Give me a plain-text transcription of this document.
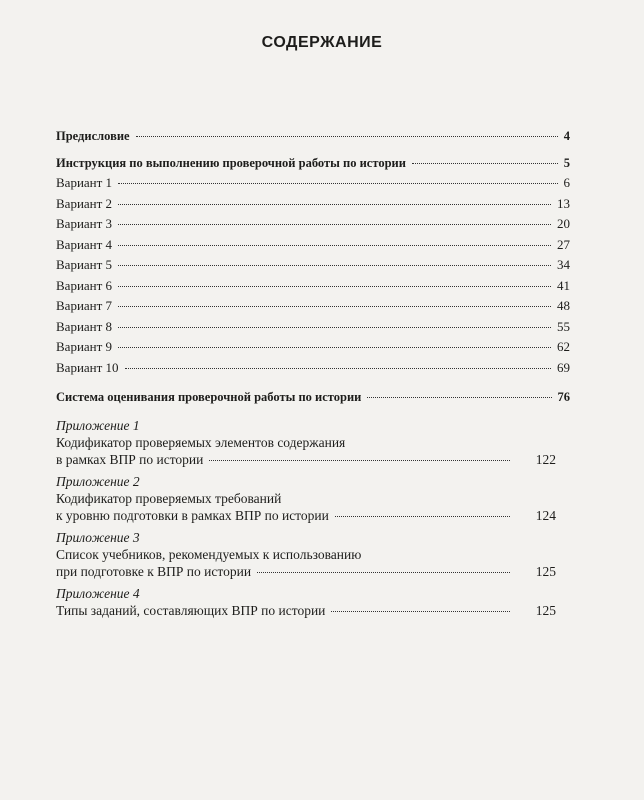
СОДЕРЖАНИЕ
Предисловие	4
Инструкция по выполнению проверочной работы по истории	5
Вариант 1	6
Вариант 2	13
Вариант 3	20
Вариант 4	27
Вариант 5	34
Вариант 6	41
Вариант 7	48
Вариант 8	55
Вариант 9	62
Вариант 10	69
Система оценивания проверочной работы по истории	76
Приложение 1
Кодификатор проверяемых элементов содержания
в рамках ВПР по истории	122
Приложение 2
Кодификатор проверяемых требований
к уровню подготовки в рамках ВПР по истории	124
Приложение 3
Список учебников, рекомендуемых к использованию
при подготовке к ВПР по истории	125
Приложение 4
Типы заданий, составляющих ВПР по истории	125
